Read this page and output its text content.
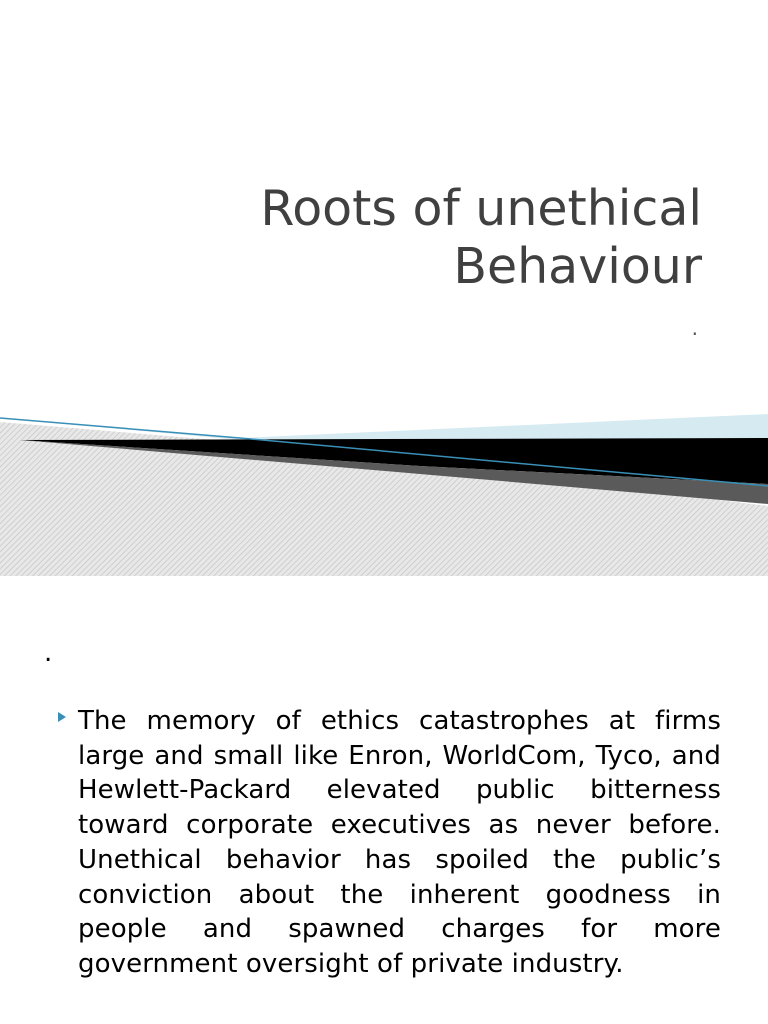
Roots of unethical
Behaviour
.
.
The memory of ethics catastrophes at firms large and small like Enron, WorldCom, Tyco, and Hewlett-Packard elevated public bitterness toward corporate executives as never before. Unethical behavior has spoiled the public’s conviction about the inherent goodness in people and spawned charges for more government oversight of private industry.
